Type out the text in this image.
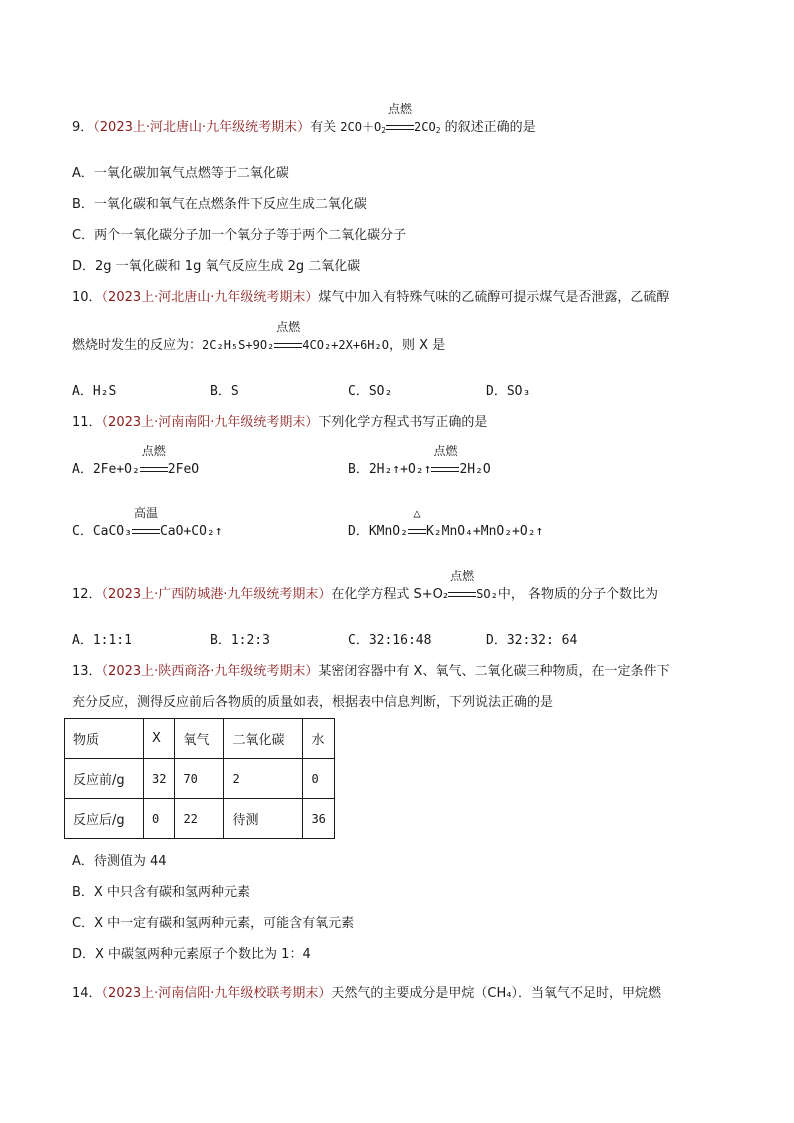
9．（2023上·河北唐山·九年级统考期末）有关 $2CO+O_2$
点燃
$2CO_2$ 的叙述正确的是
A．一氧化碳加氧气点燃等于二氧化碳
B．一氧化碳和氧气在点燃条件下反应生成二氧化碳
C．两个一氧化碳分子加一个氧分子等于两个二氧化碳分子
D．2g 一氧化碳和 1g 氧气反应生成 2g 二氧化碳
10．（2023上·河北唐山·九年级统考期末）煤气中加入有特殊气味的乙硫醇可提示煤气是否泄露，乙硫醇
燃烧时发生的反应为：2C₂H₅S+9O₂
点燃
4CO₂+2X+6H₂O，则 X 是
A．H₂S	B．S	C．SO₂	D．SO₃
11．（2023上·河南南阳·九年级统考期末）下列化学方程式书写正确的是
A．2Fe+O₂
点燃
2FeO	B．2H₂↑+O₂↑
点燃
2H₂O
C．CaCO₃
高温
CaO+CO₂↑	D．KMnO₂
△
K₂MnO₄+MnO₂+O₂↑
12．（2023上·广西防城港·九年级统考期末）在化学方程式 S+O₂
点燃
SO₂中， 各物质的分子个数比为
A．1:1:1	B．1:2:3	C．32:16:48	D．32:32: 64
13．（2023上·陕西商洛·九年级统考期末）某密闭容器中有 X、氧气、二氧化碳三种物质，在一定条件下
充分反应，测得反应前后各物质的质量如表，根据表中信息判断，下列说法正确的是
物质	X	氧气	二氧化碳	水
反应前/g	32	70	2	0
反应后/g	0	22	待测	36
A．待测值为 44
B．X 中只含有碳和氢两种元素
C．X 中一定有碳和氢两种元素，可能含有氧元素
D．X 中碳氢两种元素原子个数比为 1：4
14．（2023上·河南信阳·九年级校联考期末）天然气的主要成分是甲烷（CH₄）．当氧气不足时，甲烷燃
